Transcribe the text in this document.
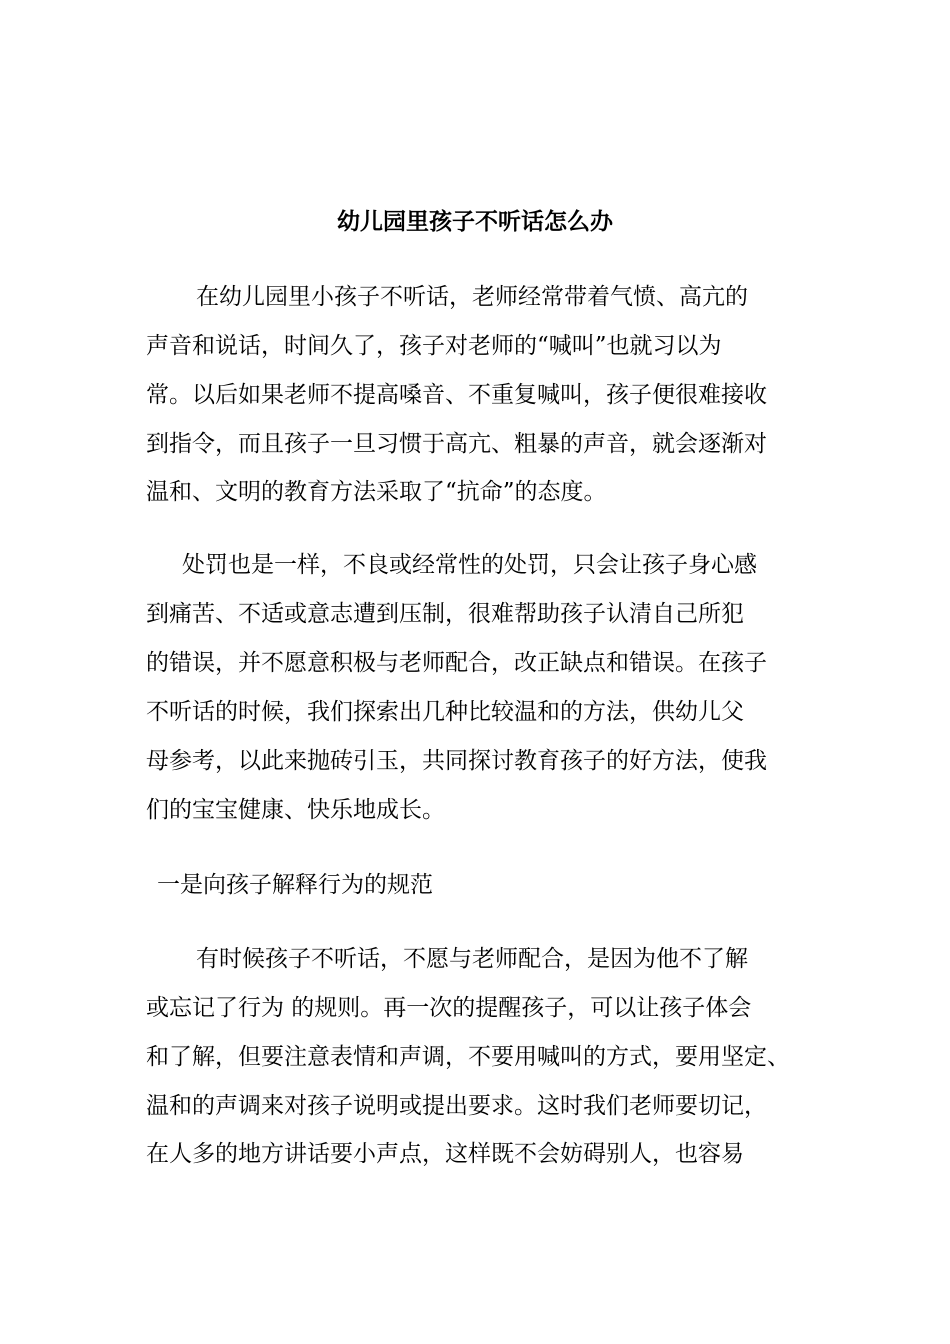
幼儿园里孩子不听话怎么办

在幼儿园里小孩子不听话，老师经常带着气愤、高亢的

声音和说话，时间久了，孩子对老师的“喊叫”也就习以为

常。以后如果老师不提高嗓音、不重复喊叫，孩子便很难接收

到指令，而且孩子一旦习惯于高亢、粗暴的声音，就会逐渐对

温和、文明的教育方法采取了“抗命”的态度。

处罚也是一样，不良或经常性的处罚，只会让孩子身心感

到痛苦、不适或意志遭到压制，很难帮助孩子认清自己所犯

的错误，并不愿意积极与老师配合，改正缺点和错误。在孩子

不听话的时候，我们探索出几种比较温和的方法，供幼儿父

母参考，以此来抛砖引玉，共同探讨教育孩子的好方法，使我

们的宝宝健康、快乐地成长。

一是向孩子解释行为的规范

有时候孩子不听话，不愿与老师配合，是因为他不了解

或忘记了行为 的规则。再一次的提醒孩子，可以让孩子体会

和了解，但要注意表情和声调，不要用喊叫的方式，要用坚定、

温和的声调来对孩子说明或提出要求。这时我们老师要切记，

在人多的地方讲话要小声点，这样既不会妨碍别人，也容易
